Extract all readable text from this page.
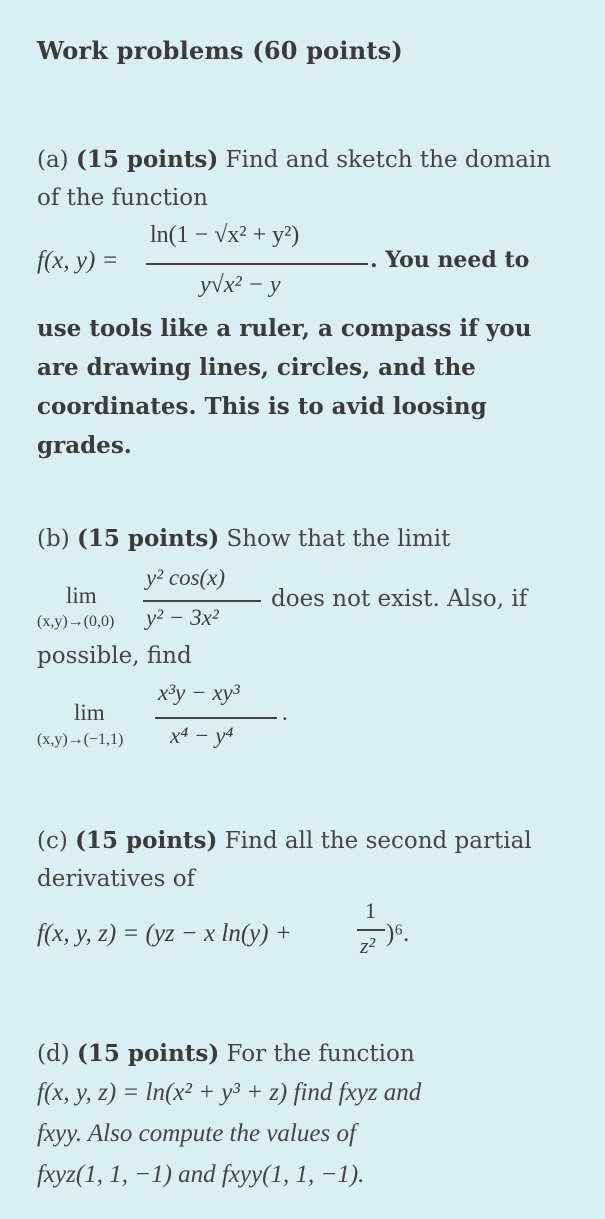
Work problems (60 points)
(a) (15 points) Find and sketch the domain
of the function
f(x, y) =
ln(1 − √x² + y²)
y√x² − y
. You need to
use tools like a ruler, a compass if you
are drawing lines, circles, and the
coordinates. This is to avid loosing
grades.
(b) (15 points) Show that the limit
lim
(x,y)→(0,0)
y² cos(x)
y² − 3x²
does not exist. Also, if
possible, find
lim
(x,y)→(−1,1)
x³y − xy³
x⁴ − y⁴
.
(c) (15 points) Find all the second partial
derivatives of
f(x, y, z) = (yz − x ln(y) +
1
z² )⁶.
(d) (15 points) For the function
f(x, y, z) = ln(x² + y³ + z) find fxyz and
fxyy. Also compute the values of
fxyz(1, 1, −1) and fxyy(1, 1, −1).
